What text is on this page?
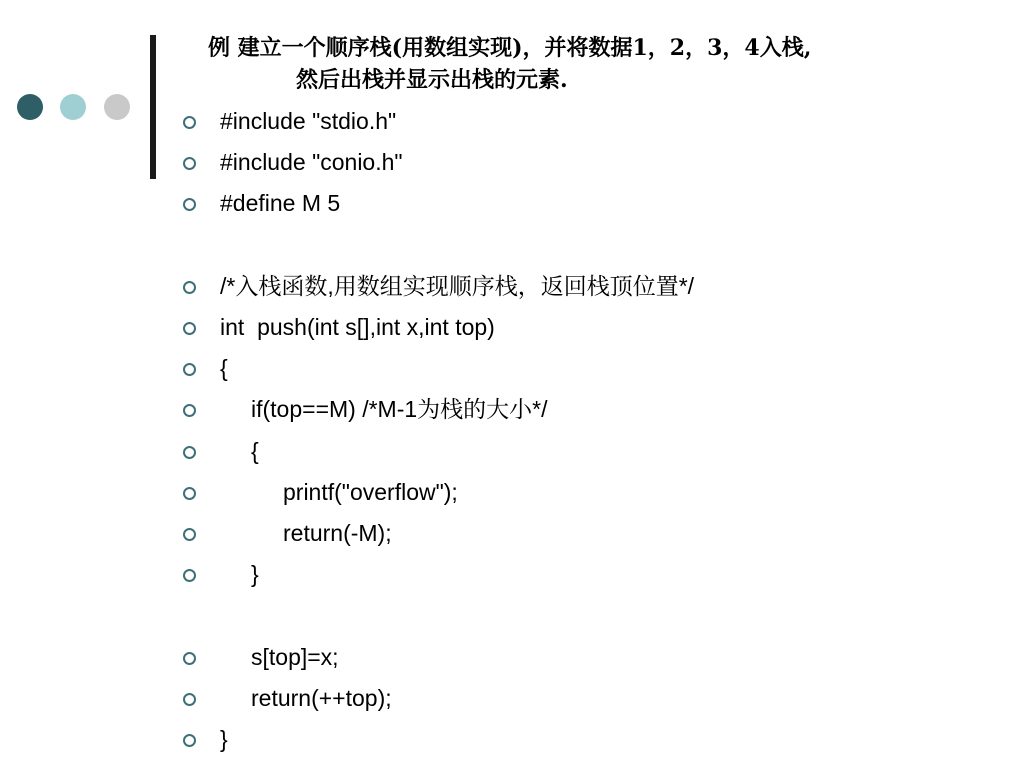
例 建立一个顺序栈(用数组实现)，并将数据1，2，3，4入栈,
然后出栈并显示出栈的元素.
#include "stdio.h"
#include "conio.h"
#define M 5
/*入栈函数,用数组实现顺序栈，返回栈顶位置*/
int  push(int s[],int x,int top)
{
if(top==M) /*M-1为栈的大小*/
{
printf("overflow");
return(-M);
}
s[top]=x;
return(++top);
}
